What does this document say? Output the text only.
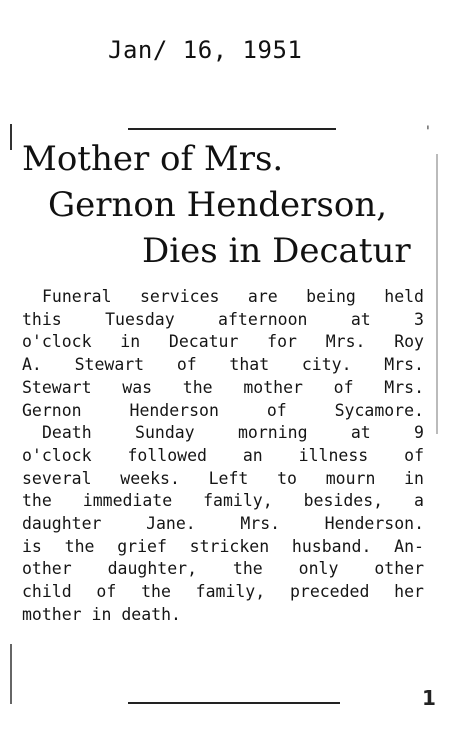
Jan/ 16, 1951
'
Mother of Mrs.
Gernon Henderson,
Dies in Decatur
Funeral services are being held
this Tuesday afternoon at 3
o'clock in Decatur for Mrs. Roy
A. Stewart of that city. Mrs.
Stewart was the mother of Mrs.
Gernon Henderson of Sycamore.
Death Sunday morning at 9
o'clock followed an illness of
several weeks. Left to mourn in
the immediate family, besides, a
daughter Jane. Mrs. Henderson.
is the grief stricken husband. An-
other daughter, the only other
child of the family, preceded her
mother in death.
1
